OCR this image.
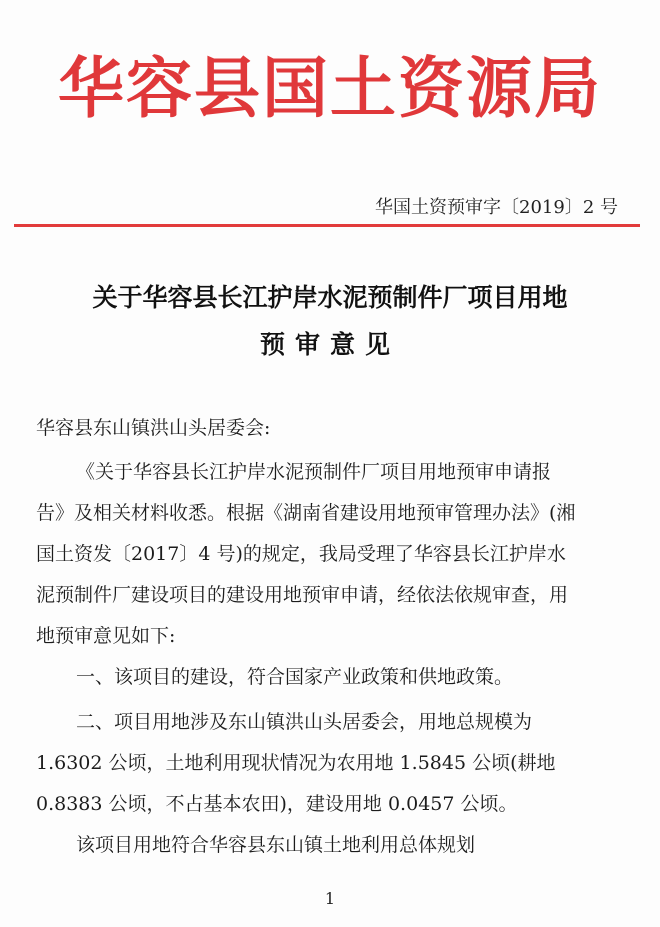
华容县国土资源局
华国土资预审字〔2019〕2 号
关于华容县长江护岸水泥预制件厂项目用地
预审意见
华容县东山镇洪山头居委会:
《关于华容县长江护岸水泥预制件厂项目用地预审申请报
告》及相关材料收悉。根据《湖南省建设用地预审管理办法》(湘
国土资发〔2017〕4 号)的规定，我局受理了华容县长江护岸水
泥预制件厂建设项目的建设用地预审申请，经依法依规审查，用
地预审意见如下:
一、该项目的建设，符合国家产业政策和供地政策。
二、项目用地涉及东山镇洪山头居委会，用地总规模为
1.6302 公顷，土地利用现状情况为农用地 1.5845 公顷(耕地
0.8383 公顷，不占基本农田)，建设用地 0.0457 公顷。
该项目用地符合华容县东山镇土地利用总体规划
1
